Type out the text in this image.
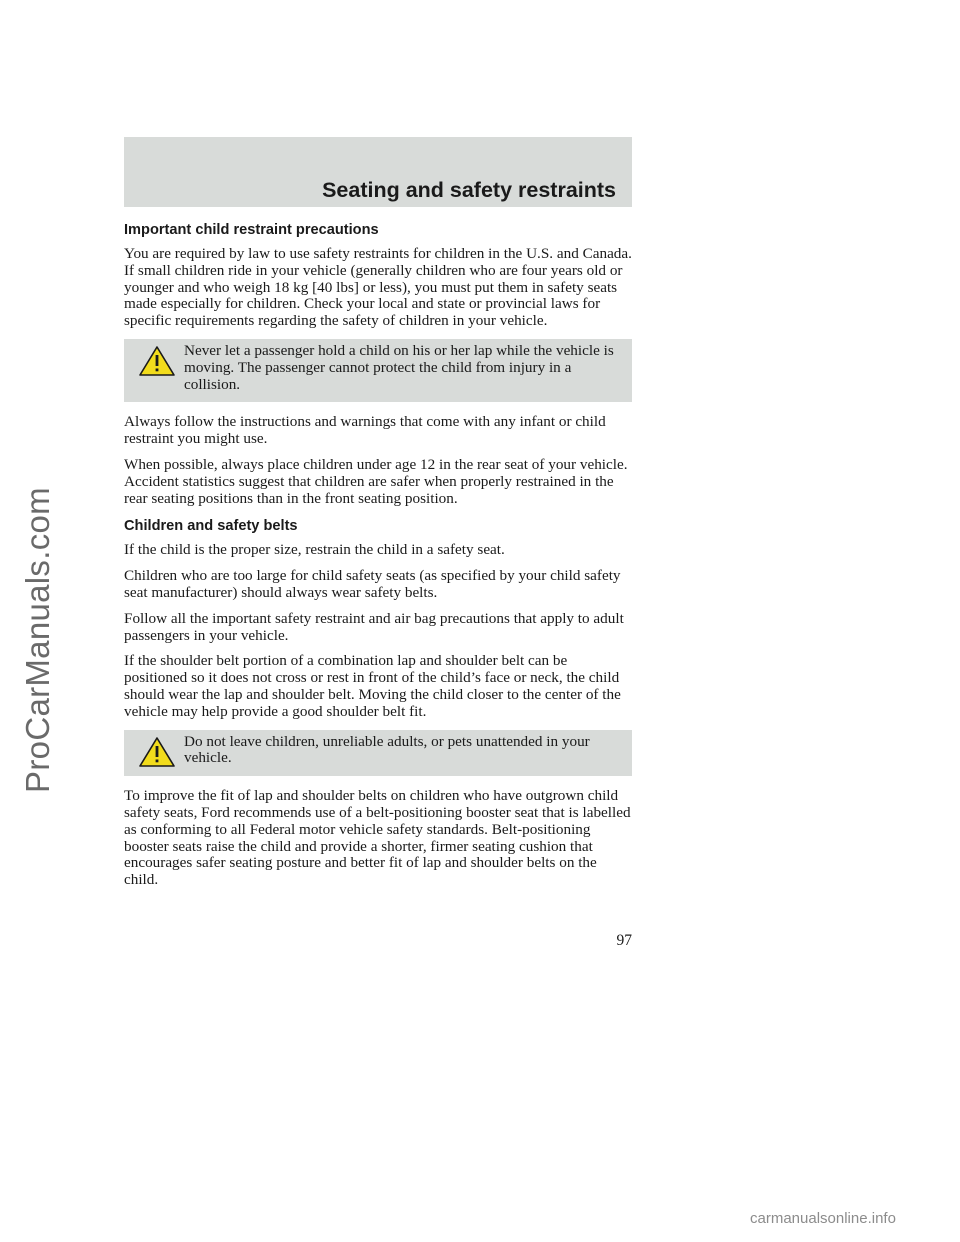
ProCarManuals.com
Seating and safety restraints
Important child restraint precautions

You are required by law to use safety restraints for children in the U.S. and Canada. If small children ride in your vehicle (generally children who are four years old or younger and who weigh 18 kg [40 lbs] or less), you must put them in safety seats made especially for children. Check your local and state or provincial laws for specific requirements regarding the safety of children in your vehicle.

Never let a passenger hold a child on his or her lap while the vehicle is moving. The passenger cannot protect the child from injury in a collision.

Always follow the instructions and warnings that come with any infant or child restraint you might use.

When possible, always place children under age 12 in the rear seat of your vehicle. Accident statistics suggest that children are safer when properly restrained in the rear seating positions than in the front seating position.

Children and safety belts

If the child is the proper size, restrain the child in a safety seat.

Children who are too large for child safety seats (as specified by your child safety seat manufacturer) should always wear safety belts.

Follow all the important safety restraint and air bag precautions that apply to adult passengers in your vehicle.

If the shoulder belt portion of a combination lap and shoulder belt can be positioned so it does not cross or rest in front of the child’s face or neck, the child should wear the lap and shoulder belt. Moving the child closer to the center of the vehicle may help provide a good shoulder belt fit.

Do not leave children, unreliable adults, or pets unattended in your vehicle.

To improve the fit of lap and shoulder belts on children who have outgrown child safety seats, Ford recommends use of a belt-positioning booster seat that is labelled as conforming to all Federal motor vehicle safety standards. Belt-positioning booster seats raise the child and provide a shorter, firmer seating cushion that encourages safer seating posture and better fit of lap and shoulder belts on the child.

97
carmanualsonline.info
